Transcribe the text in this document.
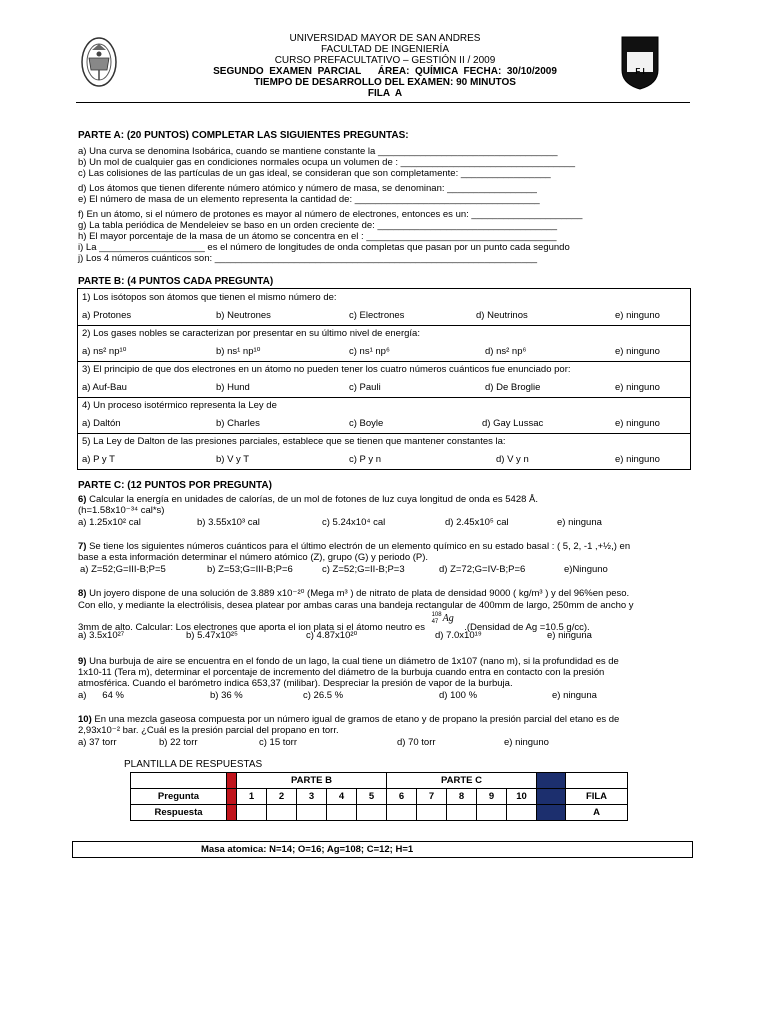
F I
UNIVERSIDAD MAYOR DE SAN ANDRES
FACULTAD DE INGENIERÍA
CURSO PREFACULTATIVO – GESTIÓN II / 2009
SEGUNDO  EXAMEN  PARCIAL      ÁREA:  QUÍMICA  FECHA:  30/10/2009
TIEMPO DE DESARROLLO DEL EXAMEN: 90 MINUTOS
FILA  A
PARTE A: (20 PUNTOS) COMPLETAR LAS SIGUIENTES PREGUNTAS:
a) Una curva se denomina Isobárica, cuando se mantiene constante la __________________________________
b) Un mol de cualquier gas en condiciones normales ocupa un volumen de : _________________________________
c) Las colisiones de las partículas de un gas ideal, se consideran que son completamente: _________________
d) Los átomos que tienen diferente número atómico y número de masa, se denominan: _________________
e) El número de masa de un elemento representa la cantidad de: ___________________________________
f) En un átomo, si el número de protones es mayor al número de electrones, entonces es un: _____________________
g) La tabla periódica de Mendeleiev se baso en un orden creciente de: __________________________________
h) El mayor porcentaje de la masa de un átomo se concentra en el : ____________________________________
i) La ____________________ es el número de longitudes de onda completas que pasan por un punto cada segundo
j) Los 4 números cuánticos son: _____________________________________________________________
PARTE B: (4 PUNTOS CADA PREGUNTA)
1) Los isótopos son átomos que tienen el mismo número de:
a) Protones	b) Neutrones	c) Electrones	d) Neutrinos	e) ninguno
2) Los gases nobles se caracterizan por presentar en su último nivel de energía:
a) ns² np¹⁰	b) ns¹ np¹⁰	c) ns¹ np⁶	d) ns² np⁶	e) ninguno
3) El principio de que dos electrones en un átomo no pueden tener los cuatro números cuánticos fue enunciado por:
a) Auf-Bau	b) Hund	c) Pauli	d) De Broglie	e) ninguno
4) Un proceso isotérmico representa la Ley de
a) Daltón	b) Charles	c) Boyle	d) Gay Lussac	e) ninguno
5) La Ley de Dalton de las presiones parciales, establece que se tienen que mantener constantes la:
a) P y T	b) V y T	c) P y n	d) V y n	e) ninguno
PARTE C: (12 PUNTOS POR PREGUNTA)
6) Calcular la energía en unidades de calorías, de un mol de fotones de luz cuya longitud de onda es 5428 Å.
(h=1.58x10⁻³⁴ cal*s)
a) 1.25x10² cal	b) 3.55x10³ cal	c) 5.24x10⁴ cal	d) 2.45x10⁵ cal	e) ninguna
7) Se tiene los siguientes números cuánticos para el último electrón de un elemento químico en su estado basal : ( 5, 2, -1 ,+½,) en
base a esta información determinar el número atómico (Z), grupo (G) y periodo (P).
a) Z=52;G=III-B;P=5	b) Z=53;G=III-B;P=6	c) Z=52;G=II-B;P=3	d) Z=72;G=IV-B;P=6	e)Ninguno
8) Un joyero dispone de una solución de 3.889 x10⁻²⁰ (Mega m³ ) de nitrato de plata de densidad 9000 ( kg/m³ ) y del 96%en peso.
Con ello, y mediante la electrólisis, desea platear por ambas caras una bandeja rectangular de 400mm de largo, 250mm de ancho y
3mm de alto. Calcular: Los electrones que aporta el ion plata si el átomo neutro es
108
47 Ag
.(Densidad de Ag =10.5 g/cc).
a) 3.5x10²⁷	b) 5.47x10²⁵	c) 4.87x10²⁰	d) 7.0x10¹⁹	e) ninguna
9) Una burbuja de aire se encuentra en el fondo de un lago, la cual tiene un diámetro de 1x107 (nano m), si la profundidad es de
1x10-11 (Tera m), determinar el porcentaje de incremento del diámetro de la burbuja cuando entra en contacto con la presión
atmosférica. Cuando el barómetro indica 653,37 (milibar). Despreciar la presión de vapor de la burbuja.
a)      64 %	b) 36 %	c) 26.5 %	d) 100 %	e) ninguna
10) En una mezcla gaseosa compuesta por un número igual de gramos de etano y de propano la presión parcial del etano es de
2,93x10⁻² bar. ¿Cuál es la presión parcial del propano en torr.
a) 37 torr	b) 22 torr	c) 15 torr	d) 70 torr	e) ninguno
PLANTILLA DE RESPUESTAS
		PARTE B					PARTE C						
Pregunta		1	2	3	4	5	6	7	8	9	10		FILA
Respuesta													A
Masa atomica: N=14; O=16; Ag=108; C=12; H=1
